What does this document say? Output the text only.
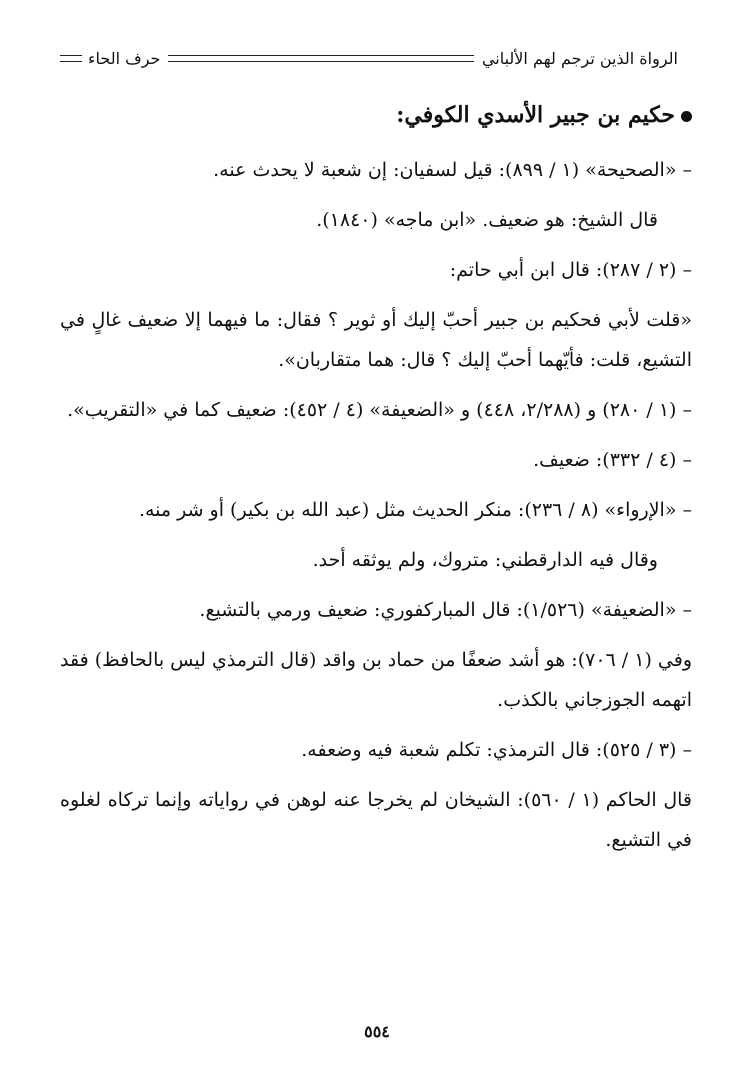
الرواة الذين ترجم لهم الألباني
حرف الحاء
حكيم بن جبير الأسدي الكوفي:

– «الصحيحة» (١ / ٨٩٩): قيل لسفيان: إن شعبة لا يحدث عنه.

قال الشيخ: هو ضعيف. «ابن ماجه» (١٨٤٠).

– (٢ / ٢٨٧): قال ابن أبي حاتم:

«قلت لأبي فحكيم بن جبير أحبّ إليك أو ثوير ؟ فقال: ما فيهما إلا ضعيف غالٍ في التشيع، قلت: فأيّهما أحبّ إليك ؟ قال: هما متقاربان».

– (١ / ٢٨٠) و (٢/٢٨٨، ٤٤٨) و «الضعيفة» (٤ / ٤٥٢): ضعيف كما في «التقريب».

– (٤ / ٣٣٢): ضعيف.

– «الإرواء» (٨ / ٢٣٦): منكر الحديث مثل (عبد الله بن بكير) أو شر منه.

وقال فيه الدارقطني: متروك، ولم يوثقه أحد.

– «الضعيفة» (١/٥٢٦): قال المباركفوري: ضعيف ورمي بالتشيع.

وفي (١ / ٧٠٦): هو أشد ضعفًا من حماد بن واقد (قال الترمذي ليس بالحافظ) فقد اتهمه الجوزجاني بالكذب.

– (٣ / ٥٢٥): قال الترمذي: تكلم شعبة فيه وضعفه.

قال الحاكم (١ / ٥٦٠): الشيخان لم يخرجا عنه لوهن في رواياته وإنما تركاه لغلوه في التشيع.

٥٥٤
